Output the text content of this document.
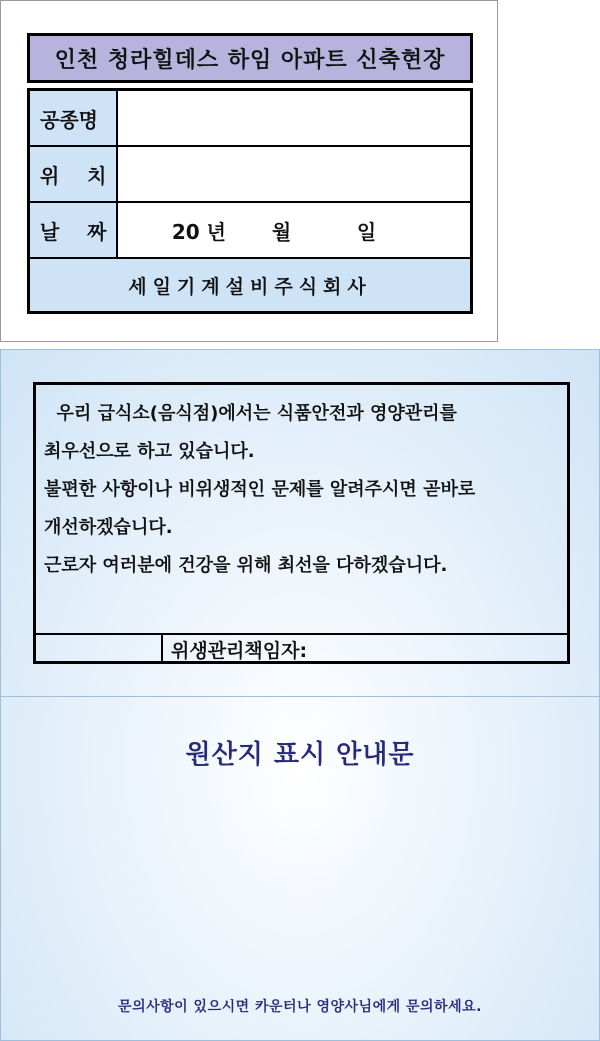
인천 청라힐데스 하임 아파트 신축현장
공종명
위    치
날    짜	20 년	월	일
세일기계설비주식회사
우리 급식소(음식점)에서는 식품안전과 영양관리를
최우선으로 하고 있습니다.
불편한 사항이나 비위생적인 문제를 알려주시면 곧바로
개선하겠습니다.
근로자 여러분에 건강을 위해 최선을 다하겠습니다.
위생관리책임자:
원산지 표시 안내문
문의사항이 있으시면 카운터나 영양사님에게 문의하세요.
